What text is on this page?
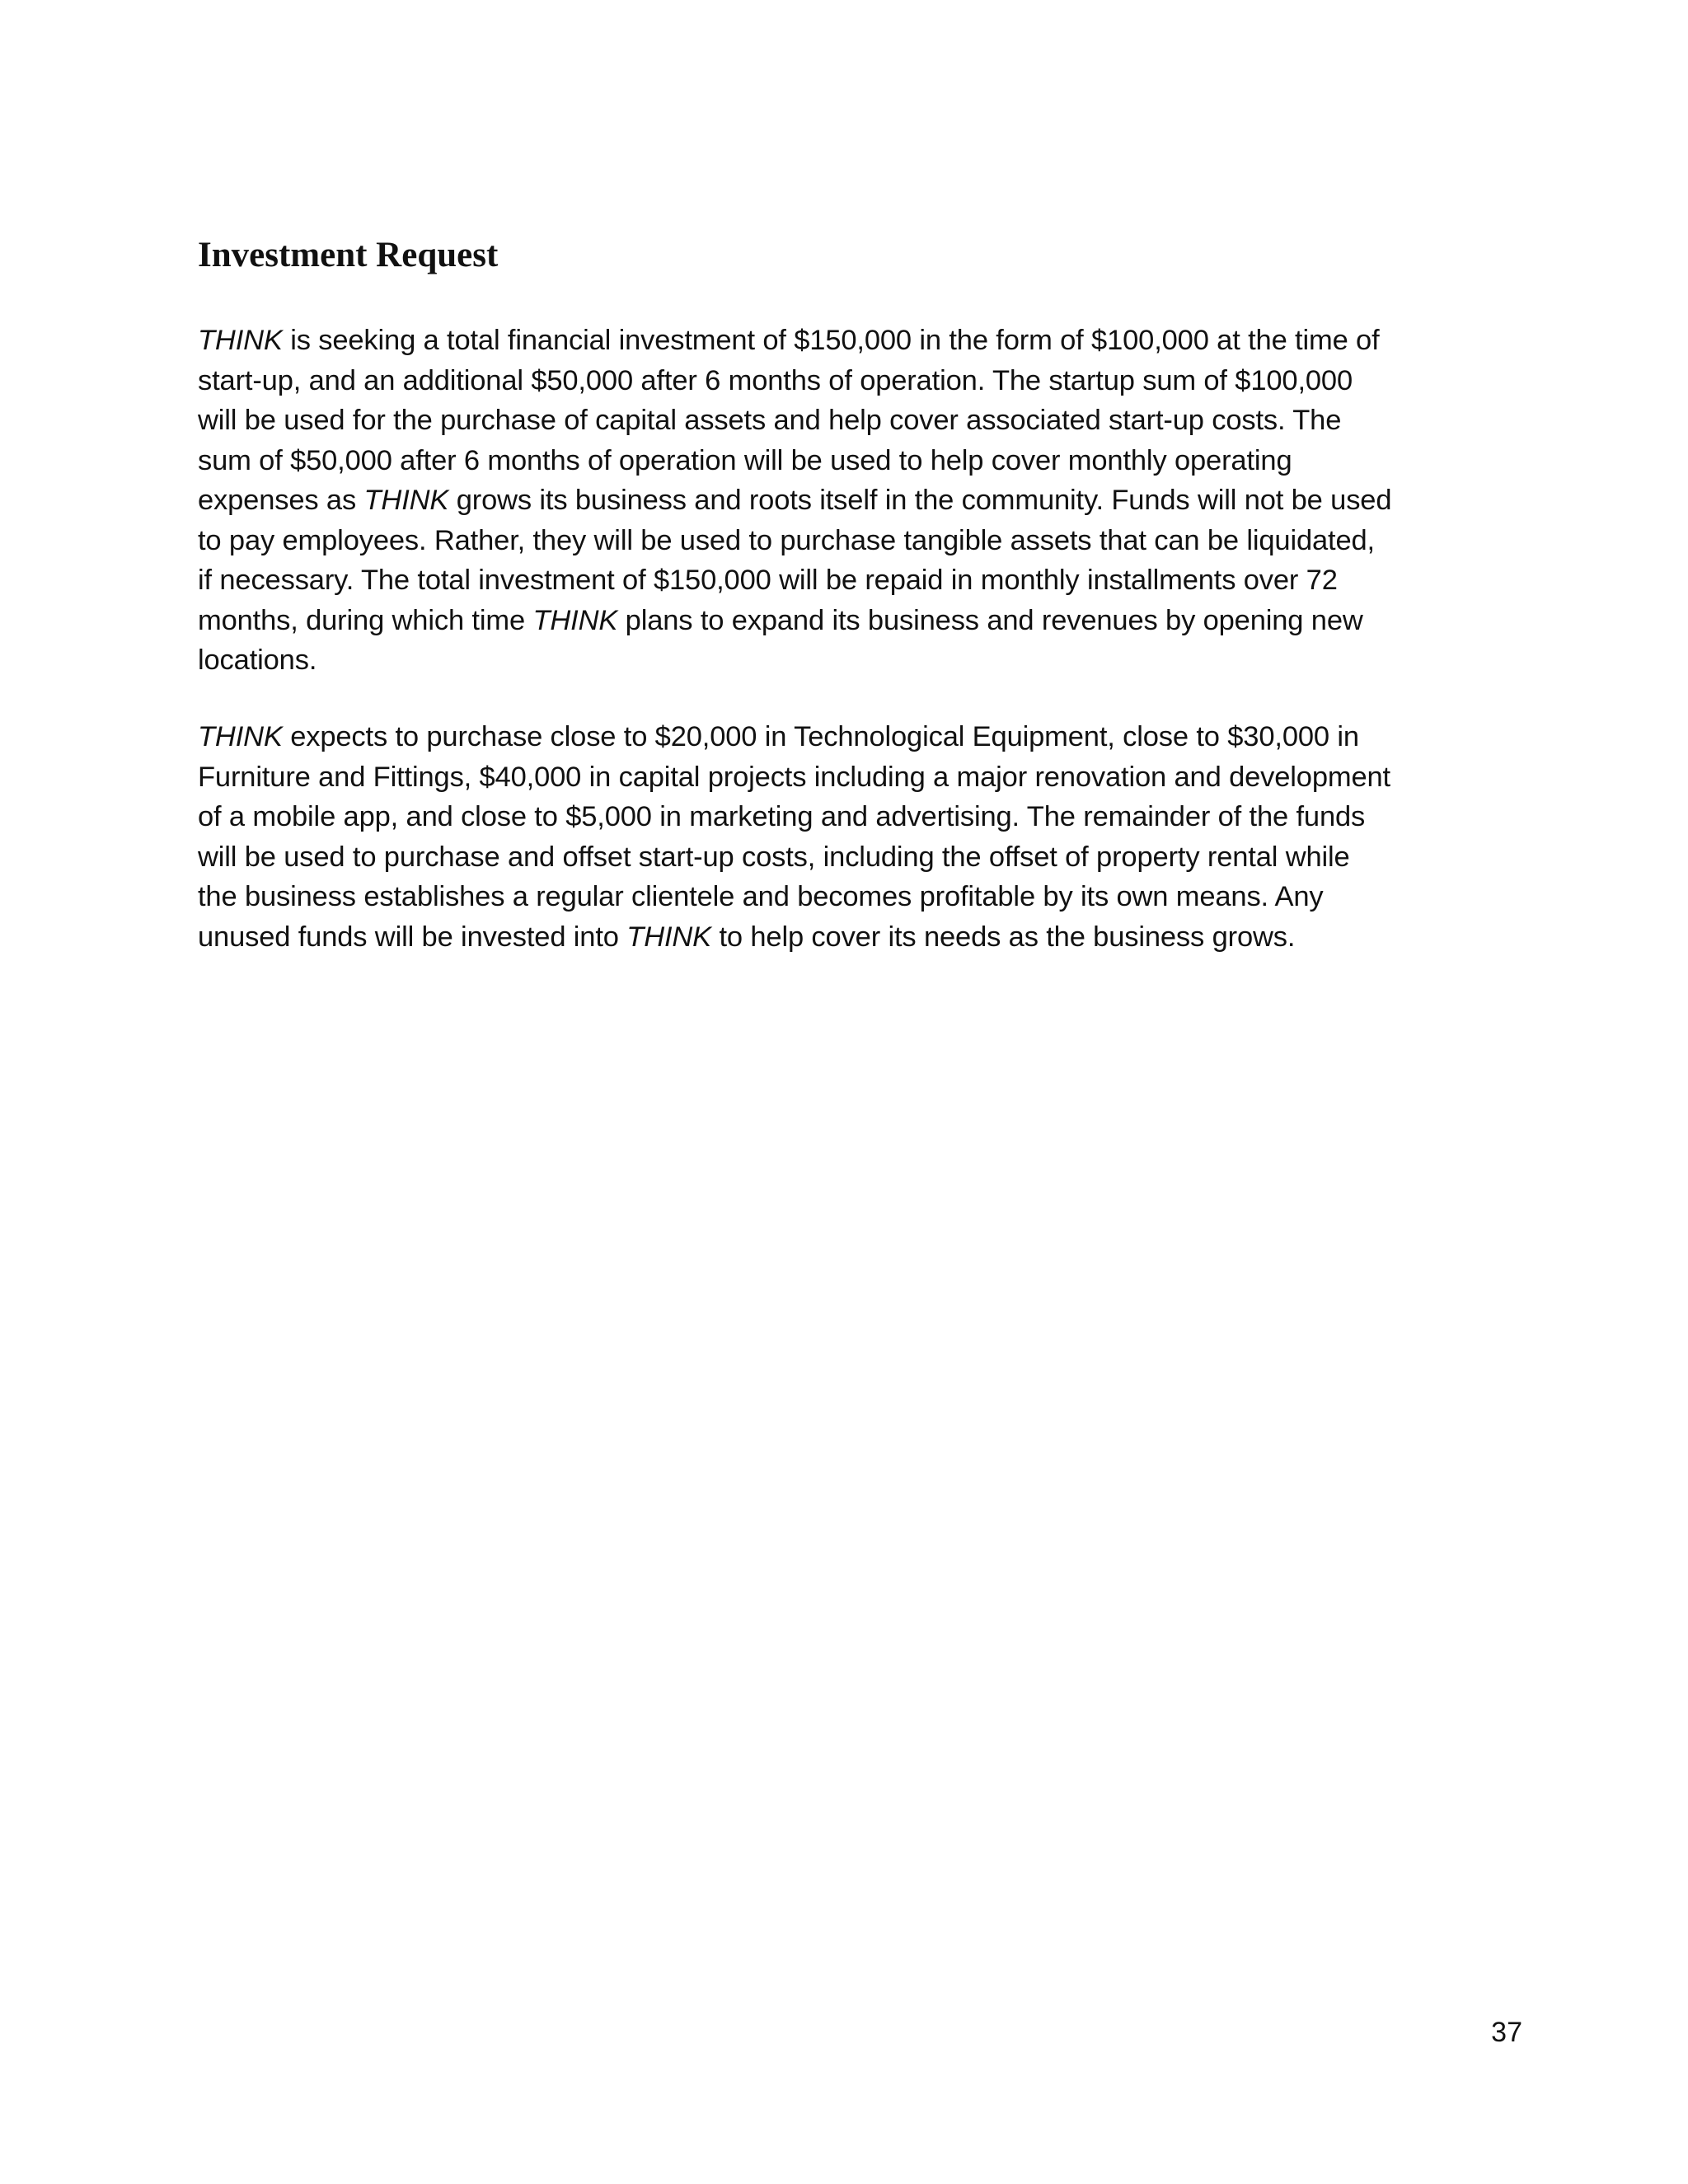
Investment Request
THINK is seeking a total financial investment of $150,000 in the form of $100,000 at the time of
start-up, and an additional $50,000 after 6 months of operation. The startup sum of $100,000
will be used for the purchase of capital assets and help cover associated start-up costs. The
sum of $50,000 after 6 months of operation will be used to help cover monthly operating
expenses as THINK grows its business and roots itself in the community. Funds will not be used
to pay employees. Rather, they will be used to purchase tangible assets that can be liquidated,
if necessary. The total investment of $150,000 will be repaid in monthly installments over 72
months, during which time THINK plans to expand its business and revenues by opening new
locations.
THINK expects to purchase close to $20,000 in Technological Equipment, close to $30,000 in
Furniture and Fittings, $40,000 in capital projects including a major renovation and development
of a mobile app, and close to $5,000 in marketing and advertising. The remainder of the funds
will be used to purchase and offset start-up costs, including the offset of property rental while
the business establishes a regular clientele and becomes profitable by its own means. Any
unused funds will be invested into THINK to help cover its needs as the business grows.
37
